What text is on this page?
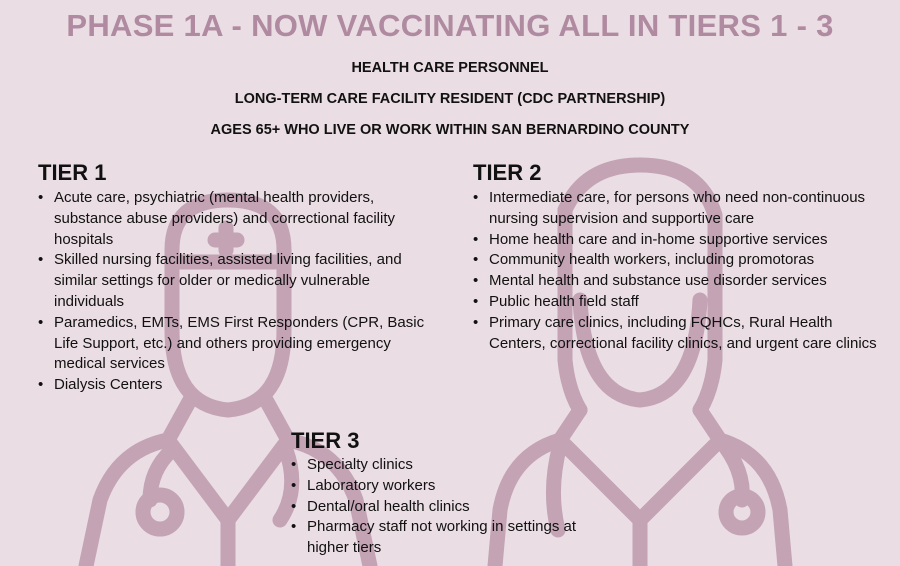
PHASE 1A - NOW VACCINATING ALL IN TIERS 1 - 3
HEALTH CARE PERSONNEL
LONG-TERM CARE FACILITY RESIDENT (CDC PARTNERSHIP)
AGES 65+ WHO LIVE OR WORK WITHIN SAN BERNARDINO COUNTY
TIER 1
• Acute care, psychiatric (mental health providers, substance abuse providers) and correctional facility hospitals
• Skilled nursing facilities, assisted living facilities, and similar settings for older or medically vulnerable individuals
• Paramedics, EMTs, EMS First Responders (CPR, Basic Life Support, etc.) and others providing emergency medical services
• Dialysis Centers
TIER 2
• Intermediate care, for persons who need non-continuous nursing supervision and supportive care
• Home health care and in-home supportive services
• Community health workers, including promotoras
• Mental health and substance use disorder services
• Public health field staff
• Primary care clinics, including FQHCs, Rural Health Centers, correctional facility clinics, and urgent care clinics
TIER 3
• Specialty clinics
• Laboratory workers
• Dental/oral health clinics
• Pharmacy staff not working in settings at higher tiers
